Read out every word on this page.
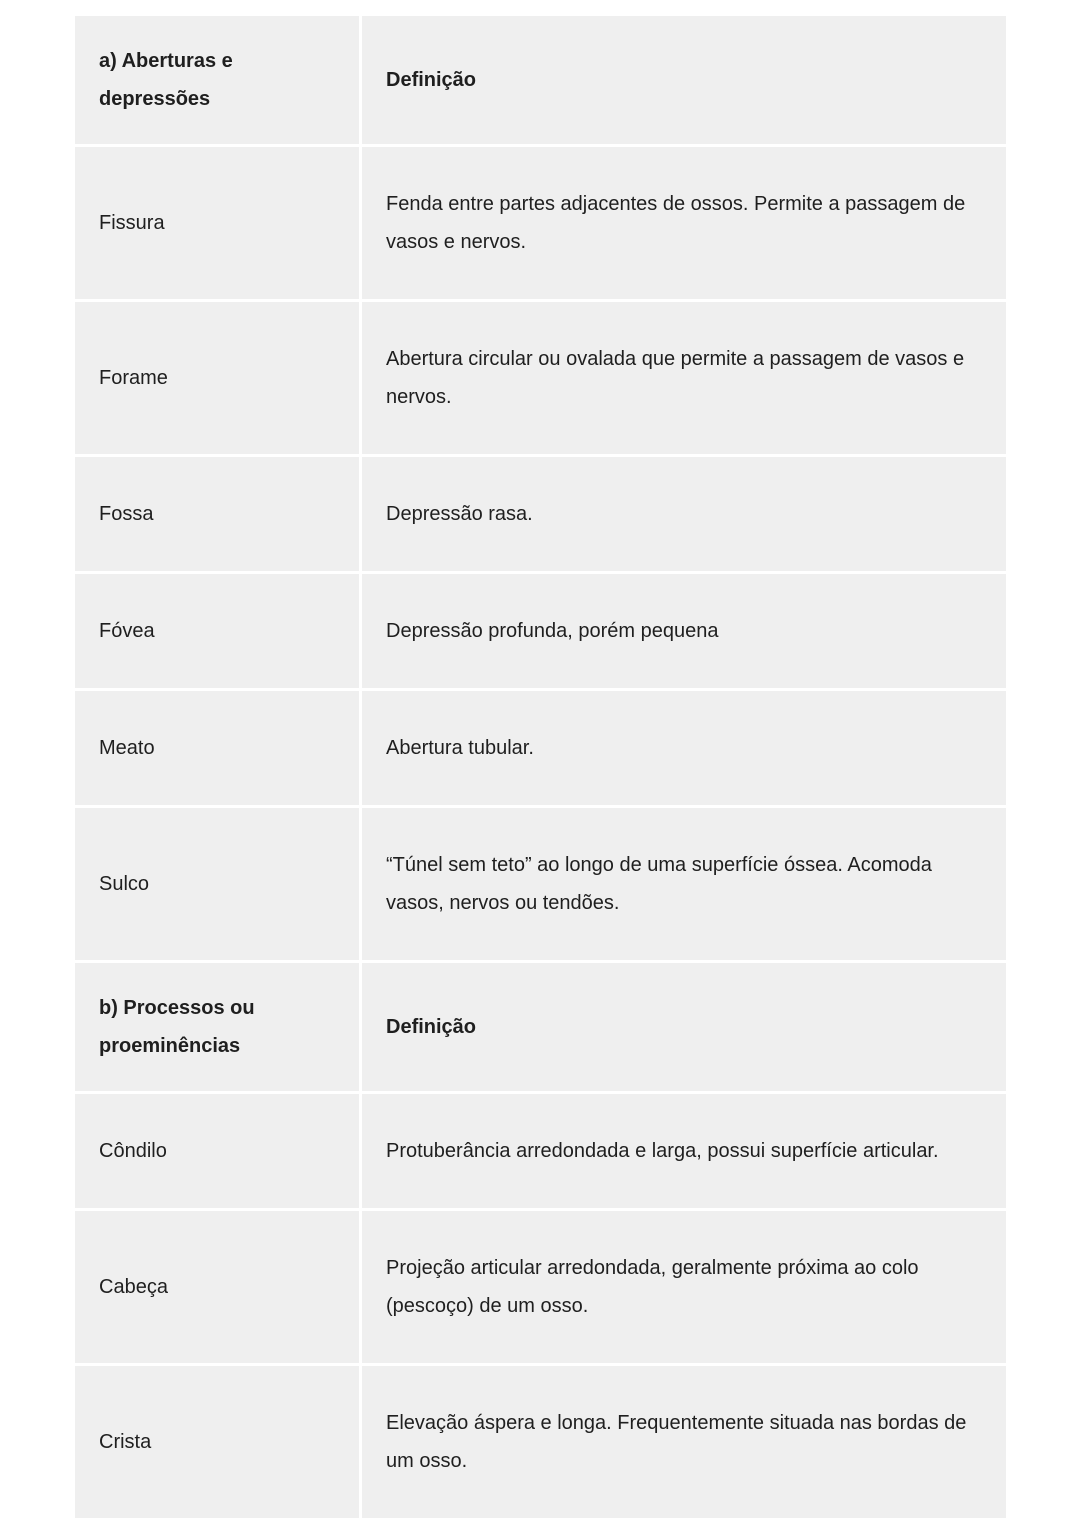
a) Aberturas e depressões	Definição
Fissura	Fenda entre partes adjacentes de ossos. Permite a passagem de vasos e nervos.
Forame	Abertura circular ou ovalada que permite a passagem de vasos e nervos.
Fossa	Depressão rasa.
Fóvea	Depressão profunda, porém pequena
Meato	Abertura tubular.
Sulco	“Túnel sem teto” ao longo de uma superfície óssea. Acomoda vasos, nervos ou tendões.
b) Processos ou proeminências	Definição
Côndilo	Protuberância arredondada e larga, possui superfície articular.
Cabeça	Projeção articular arredondada, geralmente próxima ao colo (pescoço) de um osso.
Crista	Elevação áspera e longa. Frequentemente situada nas bordas de um osso.
